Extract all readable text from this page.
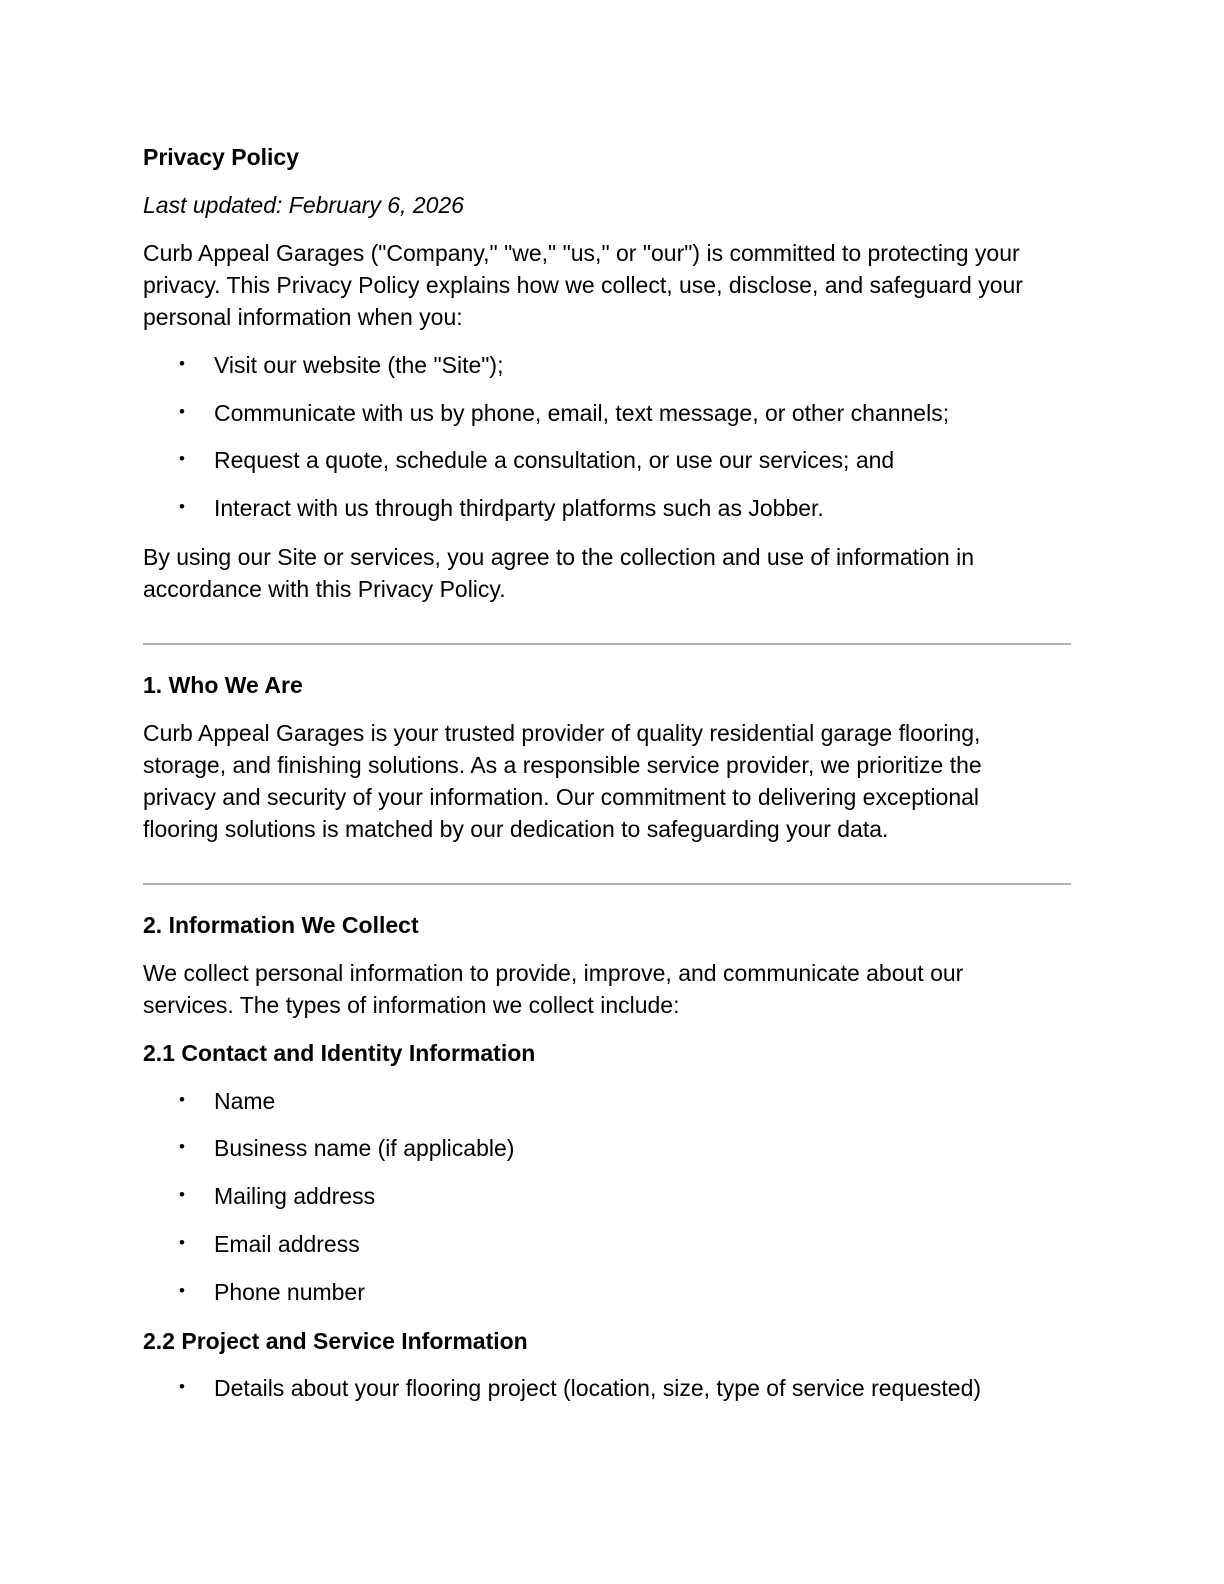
Privacy Policy
Last updated: February 6, 2026
Curb Appeal Garages ("Company," "we," "us," or "our") is committed to protecting your
privacy. This Privacy Policy explains how we collect, use, disclose, and safeguard your
personal information when you:
• Visit our website (the "Site");
• Communicate with us by phone, email, text message, or other channels;
• Request a quote, schedule a consultation, or use our services; and
• Interact with us through thirdparty platforms such as Jobber.
By using our Site or services, you agree to the collection and use of information in
accordance with this Privacy Policy.
1. Who We Are
Curb Appeal Garages is your trusted provider of quality residential garage flooring,
storage, and finishing solutions. As a responsible service provider, we prioritize the
privacy and security of your information. Our commitment to delivering exceptional
flooring solutions is matched by our dedication to safeguarding your data.
2. Information We Collect
We collect personal information to provide, improve, and communicate about our
services. The types of information we collect include:
2.1 Contact and Identity Information
• Name
• Business name (if applicable)
• Mailing address
• Email address
• Phone number
2.2 Project and Service Information
• Details about your flooring project (location, size, type of service requested)
